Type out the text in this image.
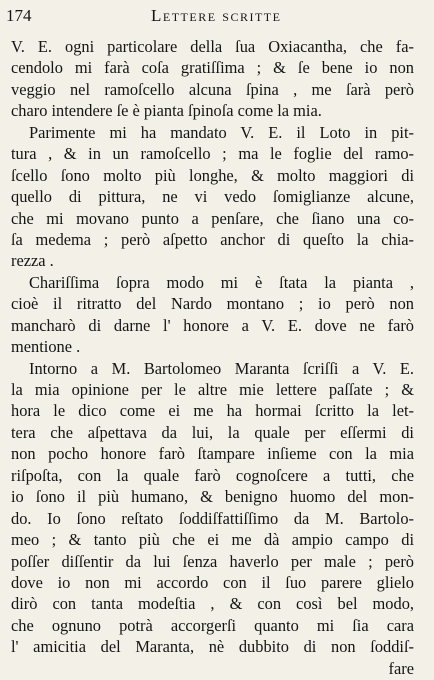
174	Lettere scritte
V. E. ogni particolare della ſua Oxiacantha, che fa-
cendolo mi farà coſa gratiſſima ; & ſe bene io non
veggio nel ramoſcello alcuna ſpina , me ſarà però
charo intendere ſe è pianta ſpinoſa come la mia.
Parimente mi ha mandato V. E. il Loto in pit-
tura , & in un ramoſcello ; ma le foglie del ramo-
ſcello ſono molto più longhe, & molto maggiori di
quello di pittura, ne vi vedo ſomiglianze alcune,
che mi movano punto a penſare, che ſiano una co-
ſa medema ; però aſpetto anchor di queſto la chia-
rezza .
Chariſſima ſopra modo mi è ſtata la pianta ,
cioè il ritratto del Nardo montano ; io però non
mancharò di darne l' honore a V. E. dove ne farò
mentione .
Intorno a M. Bartolomeo Maranta ſcriſſi a V. E.
la mia opinione per le altre mie lettere paſſate ; &
hora le dico come ei me ha hormai ſcritto la let-
tera che aſpettava da lui, la quale per eſſermi di
non pocho honore farò ſtampare inſieme con la mia
riſpoſta, con la quale farò cognoſcere a tutti, che
io ſono il più humano, & benigno huomo del mon-
do. Io ſono reſtato ſoddiſfattiſſimo da M. Bartolo-
meo ; & tanto più che ei me dà ampio campo di
poſſer diſſentir da lui ſenza haverlo per male ; però
dove io non mi accordo con il ſuo parere glielo
dirò con tanta modeſtia , & con così bel modo,
che ognuno potrà accorgerſi quanto mi ſia cara
l' amicitia del Maranta, nè dubbito di non ſoddiſ-
fare
